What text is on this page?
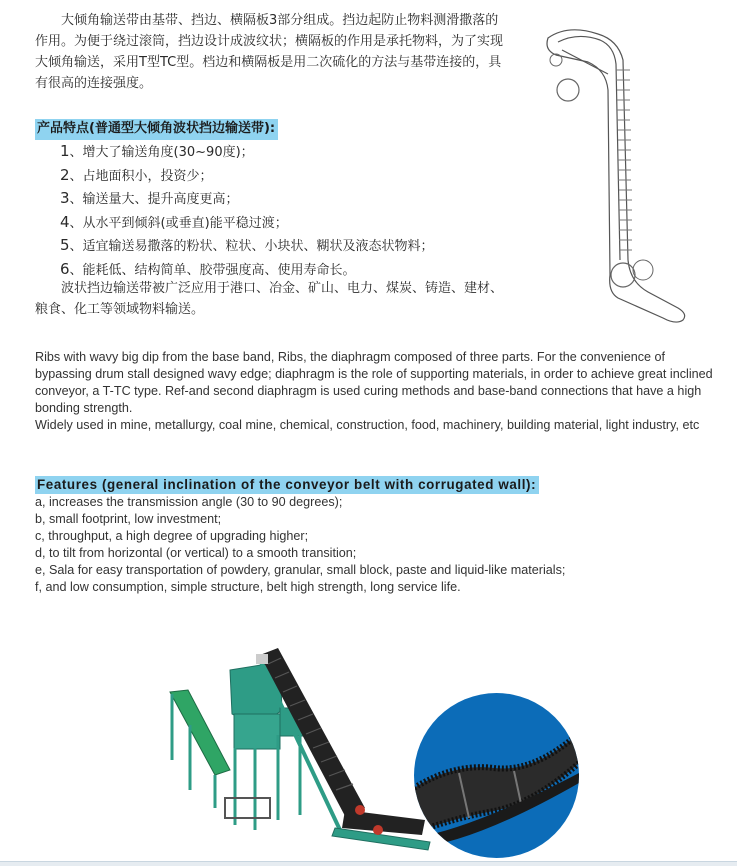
大倾角输送带由基带、挡边、横隔板3部分组成。挡边起防止物料测滑撒落的作用。为便于绕过滚筒，挡边设计成波纹状；横隔板的作用是承托物料，为了实现大倾角输送，采用T型TC型。档边和横隔板是用二次硫化的方法与基带连接的，具有很高的连接强度。

产品特点(普通型大倾角波状挡边输送带):
1、增大了输送角度(30~90度)；
2、占地面积小，投资少；
3、输送量大、提升高度更高；
4、从水平到倾斜(或垂直)能平稳过渡；
5、适宜输送易撒落的粉状、粒状、小块状、糊状及液态状物料；
6、能耗低、结构简单、胶带强度高、使用寿命长。

波状挡边输送带被广泛应用于港口、冶金、矿山、电力、煤炭、铸造、建材、粮食、化工等领域物料输送。

Ribs with wavy big dip from the base band, Ribs, the diaphragm composed of three parts. For the convenience of bypassing drum stall designed wavy edge; diaphragm is the role of supporting materials, in order to achieve great inclined conveyor, a T-TC type. Ref-and second diaphragm is used curing methods and base-band connections that have a high bonding strength.

Widely used in mine, metallurgy, coal mine, chemical, construction, food, machinery, building material, light industry, etc

Features (general inclination of the conveyor belt with corrugated wall):
a, increases the transmission angle (30 to 90 degrees);
b, small footprint, low investment;
c, throughput, a high degree of upgrading higher;
d, to tilt from horizontal (or vertical) to a smooth transition;
e, Sala for easy transportation of powdery, granular, small block, paste and liquid-like materials;
f, and low consumption, simple structure, belt high strength, long service life.
